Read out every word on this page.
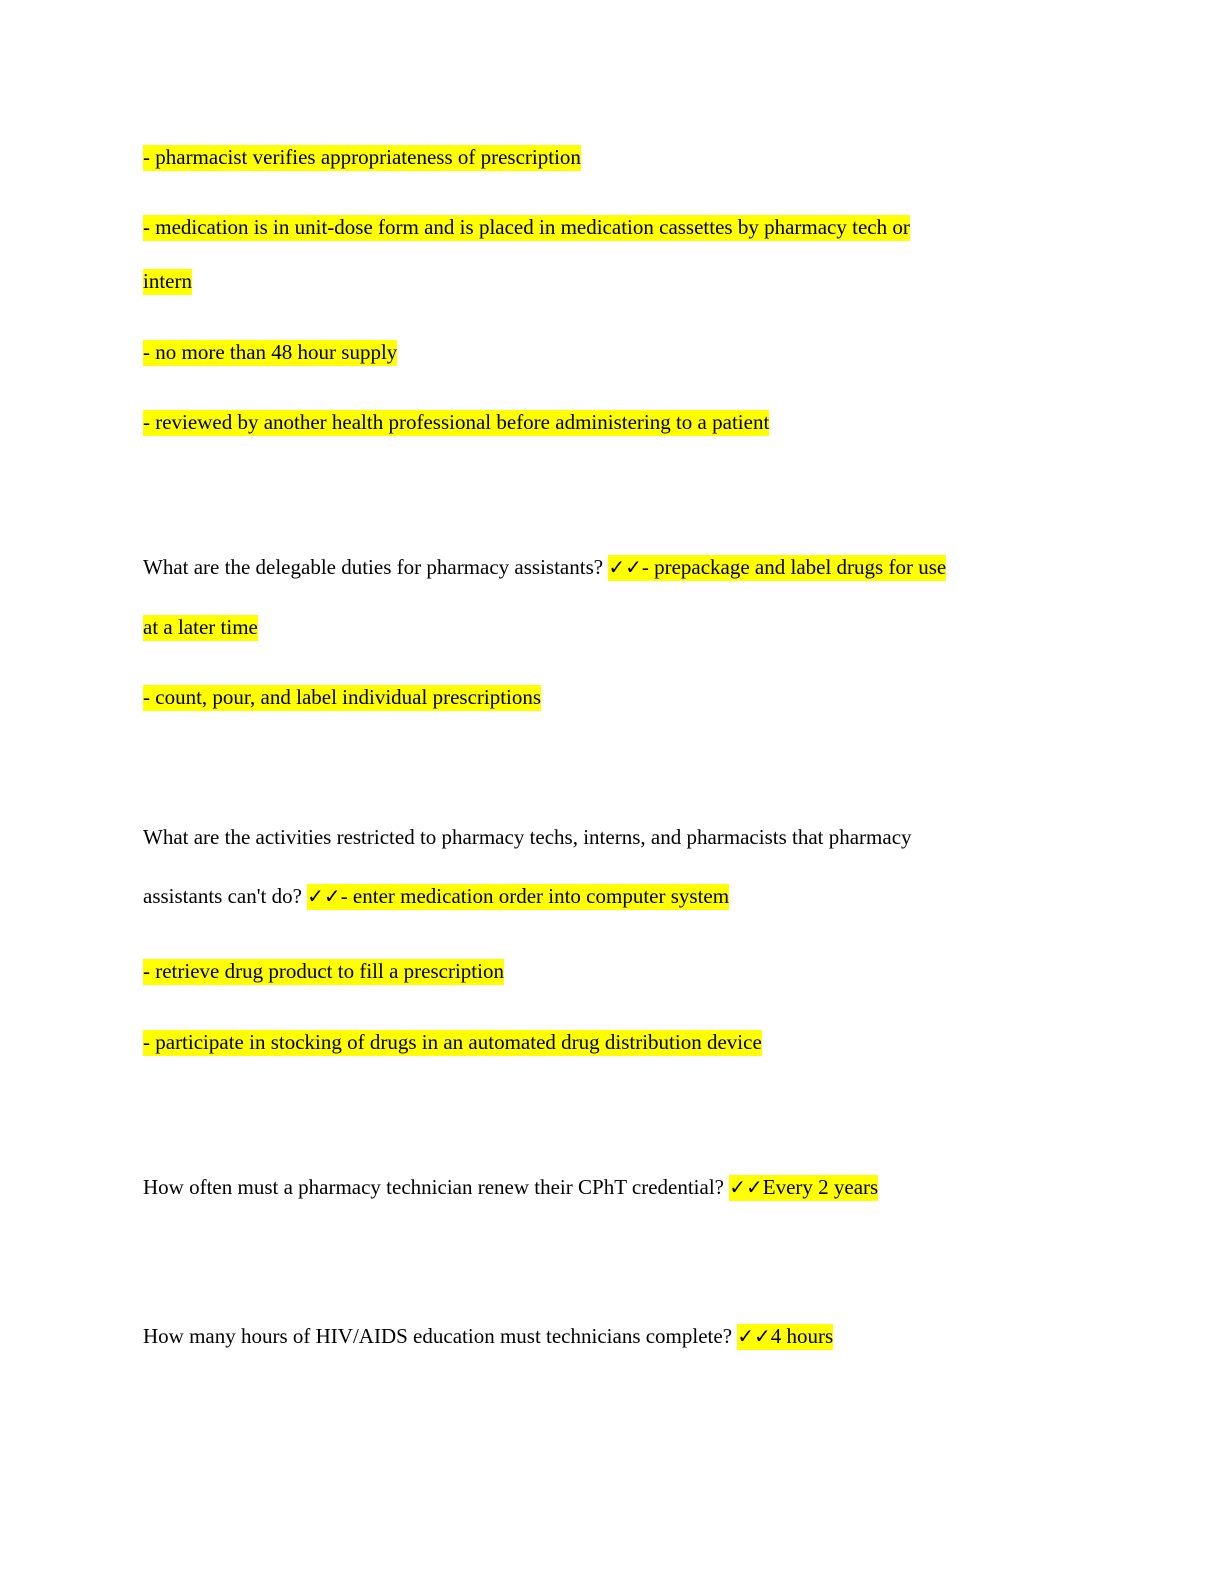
- pharmacist verifies appropriateness of prescription
- medication is in unit-dose form and is placed in medication cassettes by pharmacy tech or
intern
- no more than 48 hour supply
- reviewed by another health professional before administering to a patient
What are the delegable duties for pharmacy assistants? ✓✓- prepackage and label drugs for use
at a later time
- count, pour, and label individual prescriptions
What are the activities restricted to pharmacy techs, interns, and pharmacists that pharmacy
assistants can't do? ✓✓- enter medication order into computer system
- retrieve drug product to fill a prescription
- participate in stocking of drugs in an automated drug distribution device
How often must a pharmacy technician renew their CPhT credential? ✓✓Every 2 years
How many hours of HIV/AIDS education must technicians complete? ✓✓4 hours
